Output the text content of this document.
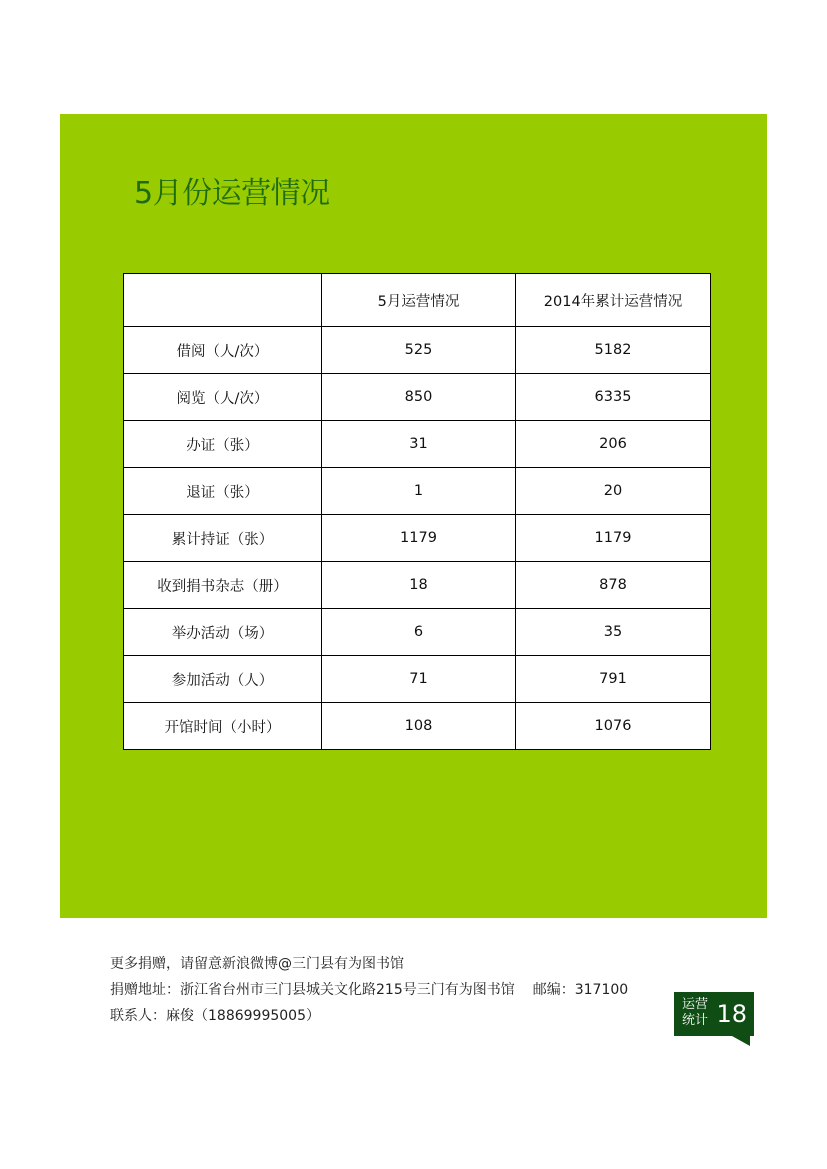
5月份运营情况
	5月运营情况	2014年累计运营情况
借阅（人/次）	525	5182
阅览（人/次）	850	6335
办证（张）	31	206
退证（张）	1	20
累计持证（张）	1179	1179
收到捐书杂志（册）	18	878
举办活动（场）	6	35
参加活动（人）	71	791
开馆时间（小时）	108	1076
更多捐赠，请留意新浪微博@三门县有为图书馆
捐赠地址：浙江省台州市三门县城关文化路215号三门有为图书馆 邮编：317100
联系人：麻俊（18869995005）
运营统计 18
